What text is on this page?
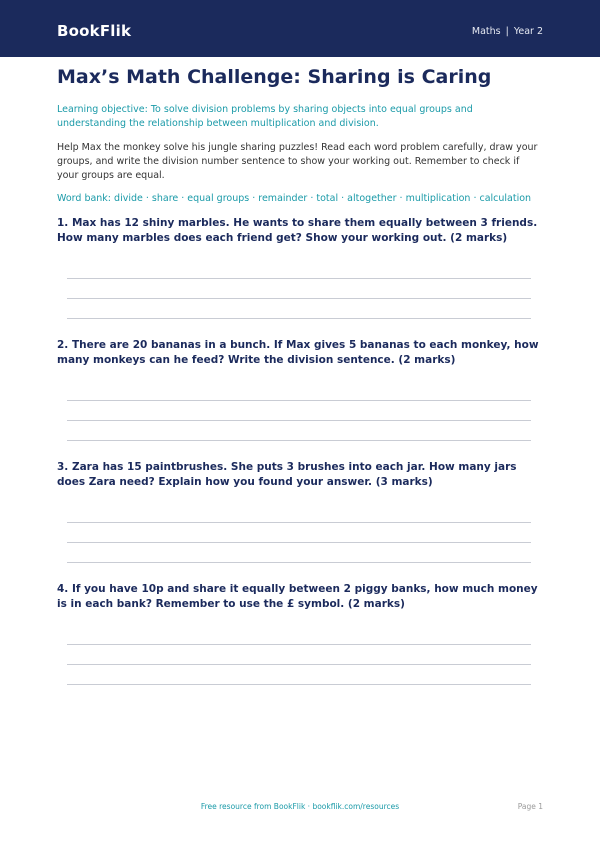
BookFlik	Maths | Year 2
Max’s Math Challenge: Sharing is Caring

Learning objective: To solve division problems by sharing objects into equal groups and understanding the relationship between multiplication and division.

Help Max the monkey solve his jungle sharing puzzles! Read each word problem carefully, draw your groups, and write the division number sentence to show your working out. Remember to check if your groups are equal.

Word bank: divide · share · equal groups · remainder · total · altogether · multiplication · calculation

1. Max has 12 shiny marbles. He wants to share them equally between 3 friends. How many marbles does each friend get? Show your working out. (2 marks)

2. There are 20 bananas in a bunch. If Max gives 5 bananas to each monkey, how many monkeys can he feed? Write the division sentence. (2 marks)

3. Zara has 15 paintbrushes. She puts 3 brushes into each jar. How many jars does Zara need? Explain how you found your answer. (3 marks)

4. If you have 10p and share it equally between 2 piggy banks, how much money is in each bank? Remember to use the £ symbol. (2 marks)

Free resource from BookFlik · bookflik.com/resources	Page 1
